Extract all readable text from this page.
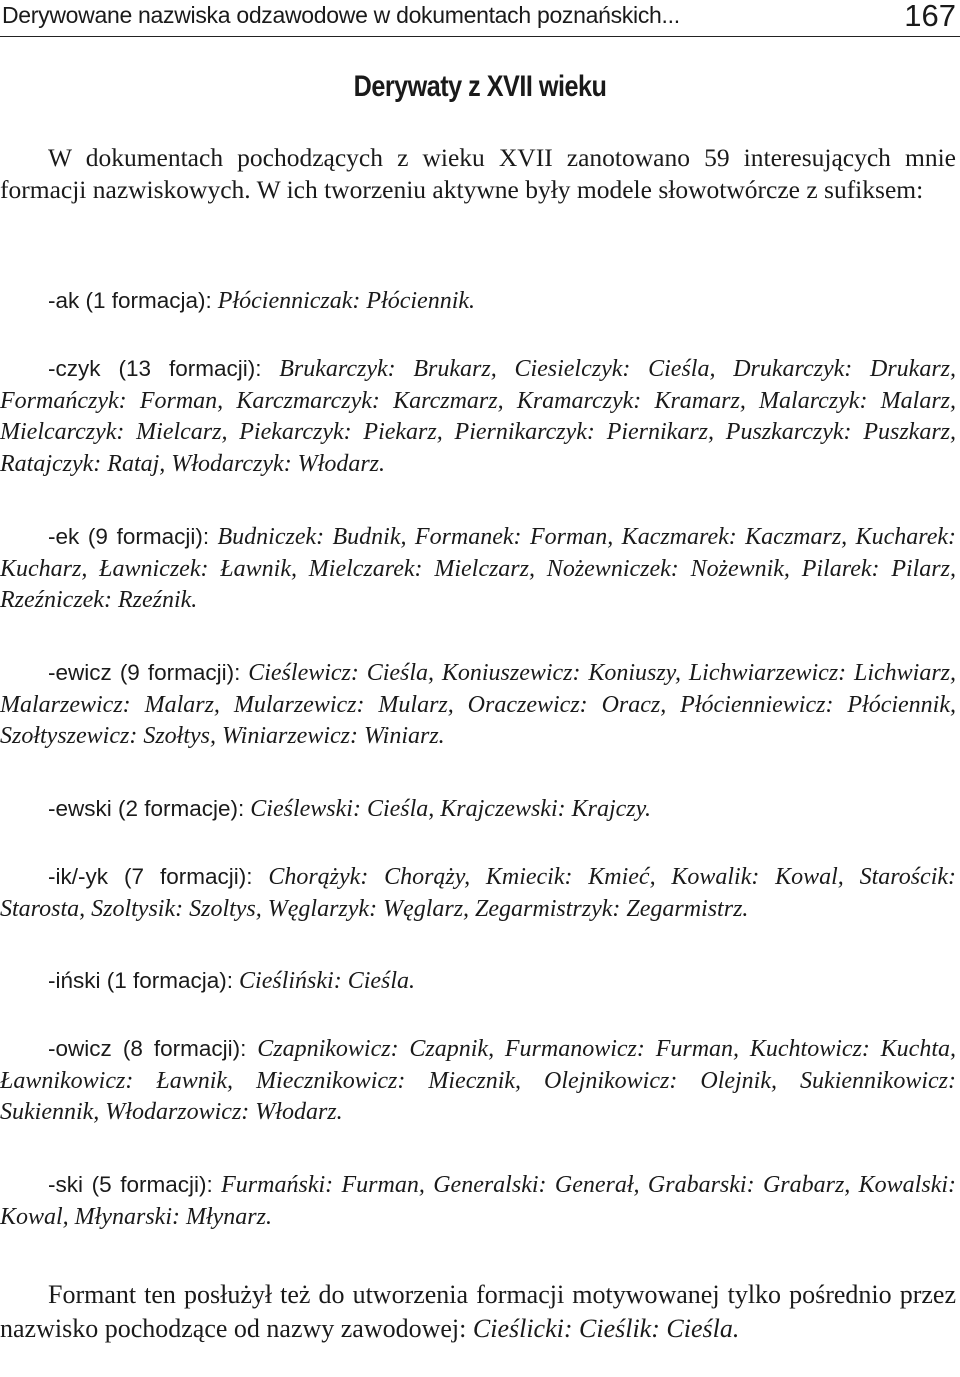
Derywowane nazwiska odzawodowe w dokumentach poznańskich...	167
Derywaty z XVII wieku

W dokumentach pochodzących z wieku XVII zanotowano 59 interesujących mnie formacji nazwiskowych. W ich tworzeniu aktywne były modele słowotwórcze z sufiksem:

-ak (1 formacja): Płócienniczak: Płóciennik.

-czyk (13 formacji): Brukarczyk: Brukarz, Ciesielczyk: Cieśla, Drukarczyk: Drukarz, Formańczyk: Forman, Karczmarczyk: Karczmarz, Kramarczyk: Kramarz, Malarczyk: Malarz, Mielcarczyk: Mielcarz, Piekarczyk: Piekarz, Piernikarczyk: Piernikarz, Puszkarczyk: Puszkarz, Ratajczyk: Rataj, Włodarczyk: Włodarz.

-ek (9 formacji): Budniczek: Budnik, Formanek: Forman, Kaczmarek: Kaczmarz, Kucharek: Kucharz, Ławniczek: Ławnik, Mielczarek: Mielczarz, Nożewniczek: Nożewnik, Pilarek: Pilarz, Rzeźniczek: Rzeźnik.

-ewicz (9 formacji): Cieślewicz: Cieśla, Koniuszewicz: Koniuszy, Lichwiarzewicz: Lichwiarz, Malarzewicz: Malarz, Mularzewicz: Mularz, Oraczewicz: Oracz, Płócienniewicz: Płóciennik, Szołtyszewicz: Szołtys, Winiarzewicz: Winiarz.

-ewski (2 formacje): Cieślewski: Cieśla, Krajczewski: Krajczy.

-ik/-yk (7 formacji): Chorążyk: Chorąży, Kmiecik: Kmieć, Kowalik: Kowal, Starościk: Starosta, Szoltysik: Szoltys, Węglarzyk: Węglarz, Zegarmistrzyk: Zegarmistrz.

-iński (1 formacja): Cieśliński: Cieśla.

-owicz (8 formacji): Czapnikowicz: Czapnik, Furmanowicz: Furman, Kuchtowicz: Kuchta, Ławnikowicz: Ławnik, Miecznikowicz: Miecznik, Olejnikowicz: Olejnik, Sukiennikowicz: Sukiennik, Włodarzowicz: Włodarz.

-ski (5 formacji): Furmański: Furman, Generalski: Generał, Grabarski: Grabarz, Kowalski: Kowal, Młynarski: Młynarz.

Formant ten posłużył też do utworzenia formacji motywowanej tylko pośrednio przez nazwisko pochodzące od nazwy zawodowej: Cieślicki: Cieślik: Cieśla.
